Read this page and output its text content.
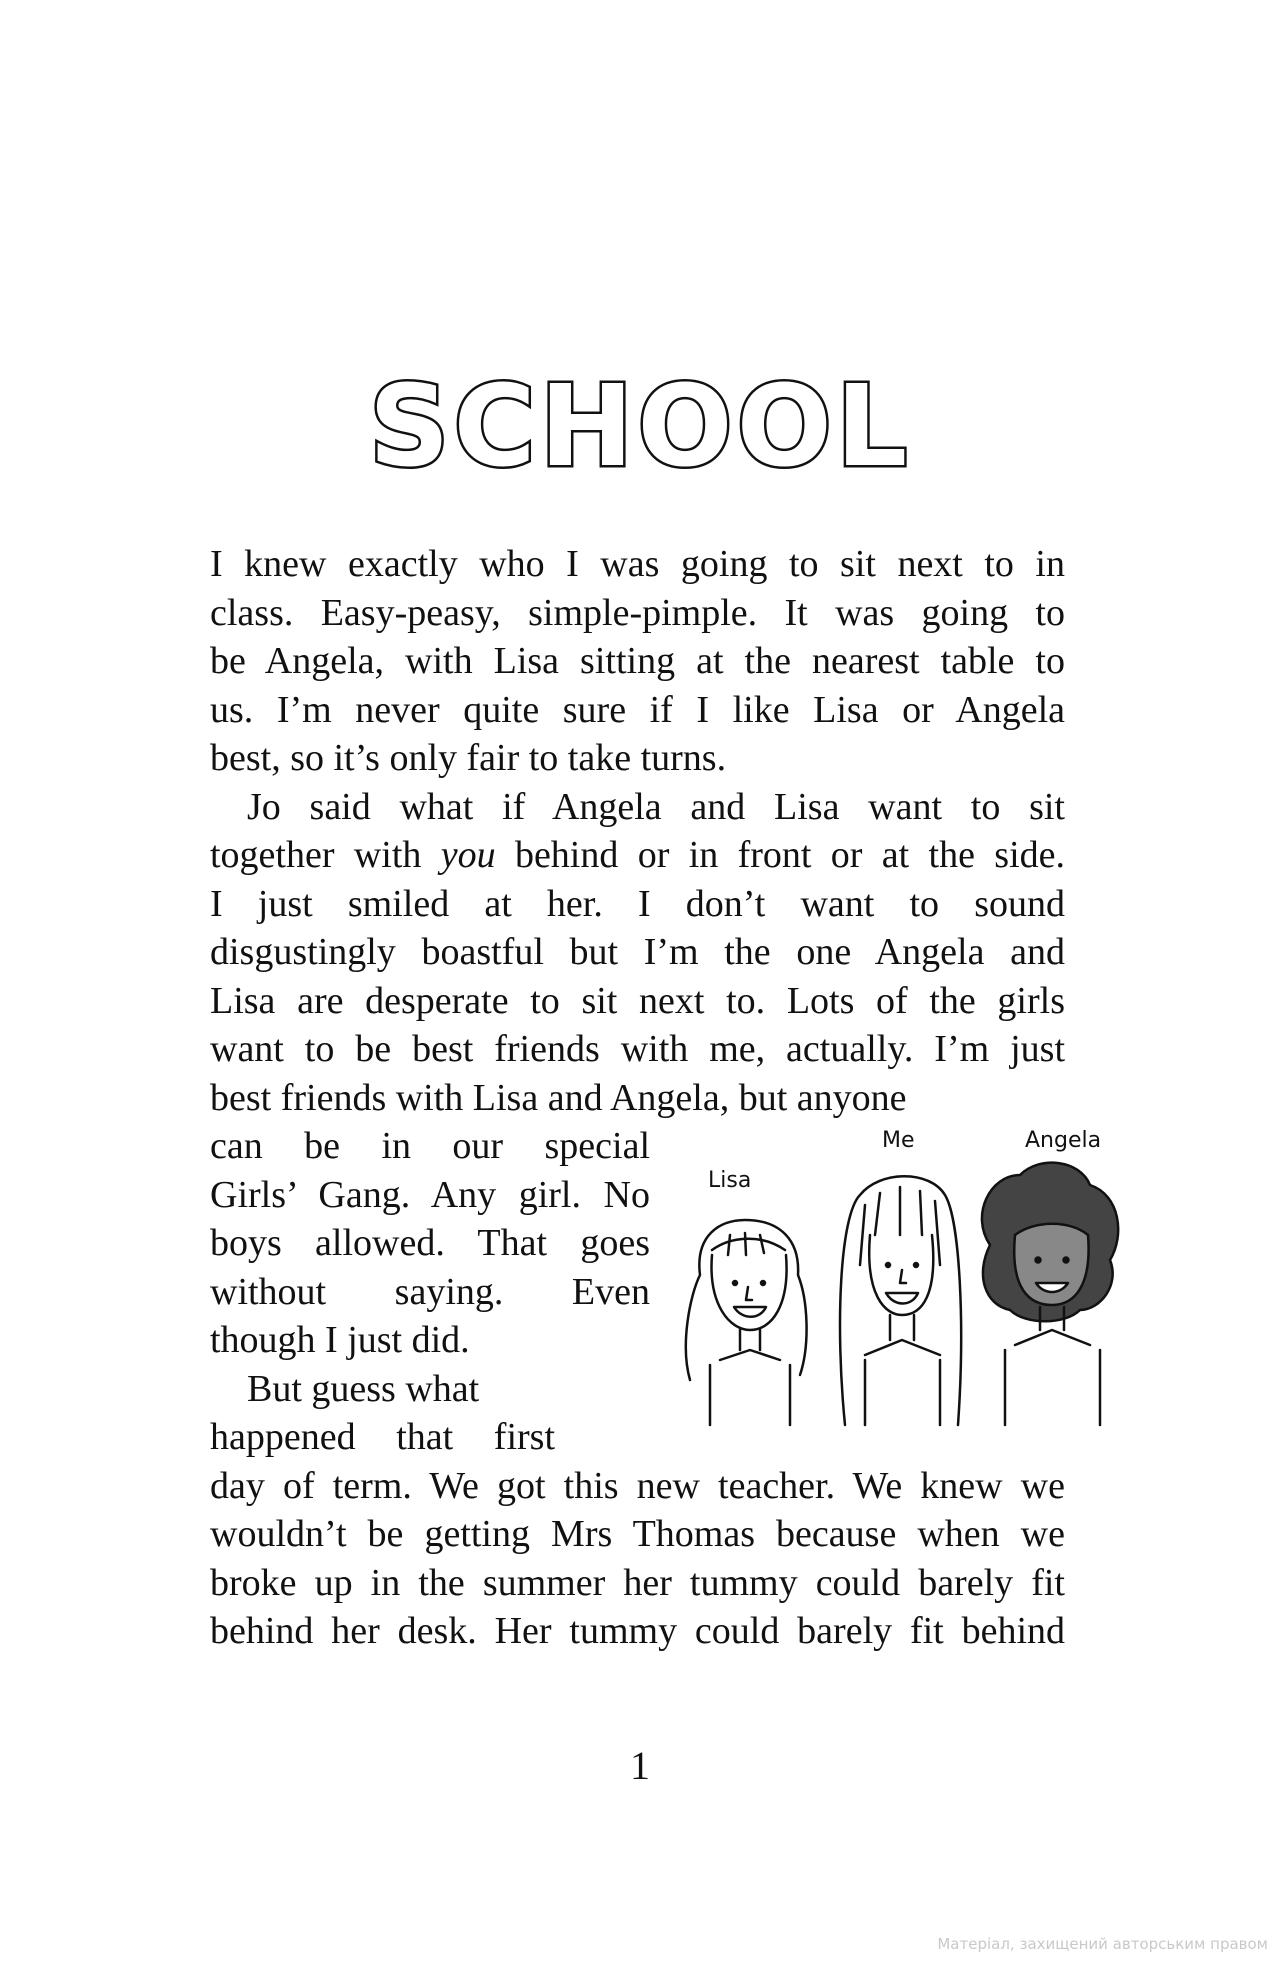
SCHOOL

I knew exactly who I was going to sit next to in
class. Easy-peasy, simple-pimple. It was going to
be Angela, with Lisa sitting at the nearest table to
us. I’m never quite sure if I like Lisa or Angela
best, so it’s only fair to take turns.

Jo said what if Angela and Lisa want to sit
together with you behind or in front or at the side.
I just smiled at her. I don’t want to sound
disgustingly boastful but I’m the one Angela and
Lisa are desperate to sit next to. Lots of the girls
want to be best friends with me, actually. I’m just
best friends with Lisa and Angela, but anyone
can be in our special
Girls’ Gang. Any girl. No
boys allowed. That goes
without saying. Even
though I just did.

But guess what
happened that first
day of term. We got this new teacher. We knew we
wouldn’t be getting Mrs Thomas because when we
broke up in the summer her tummy could barely fit
behind her desk. Her tummy could barely fit behind

Lisa
Me	Angela
1
Матеріал, захищений авторським правом
